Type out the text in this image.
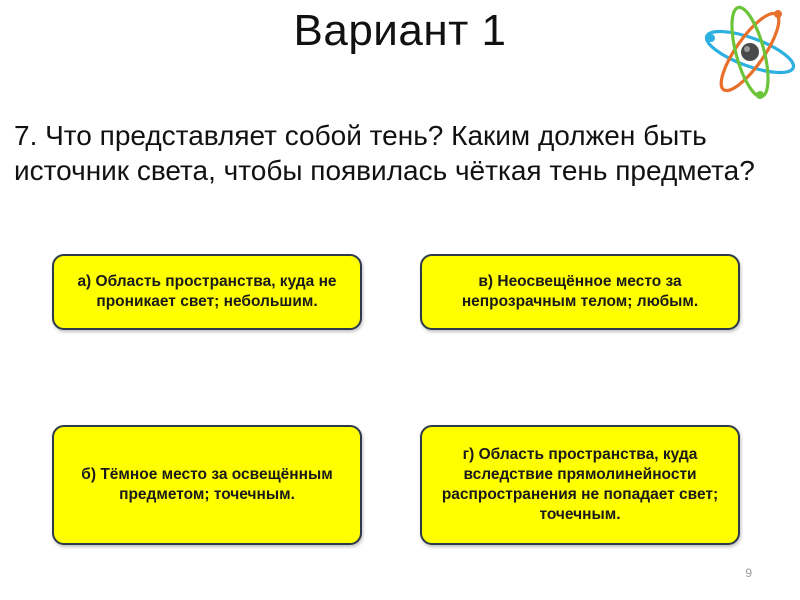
Вариант 1
7. Что представляет собой тень? Каким должен быть источник света, чтобы появилась чёткая тень предмета?
а) Область пространства, куда не проникает свет; небольшим.
в) Неосвещённое место за непрозрачным телом; любым.
б) Тёмное место за освещённым предметом; точечным.
г) Область пространства, куда вследствие прямолинейности распространения не попадает свет; точечным.
9
